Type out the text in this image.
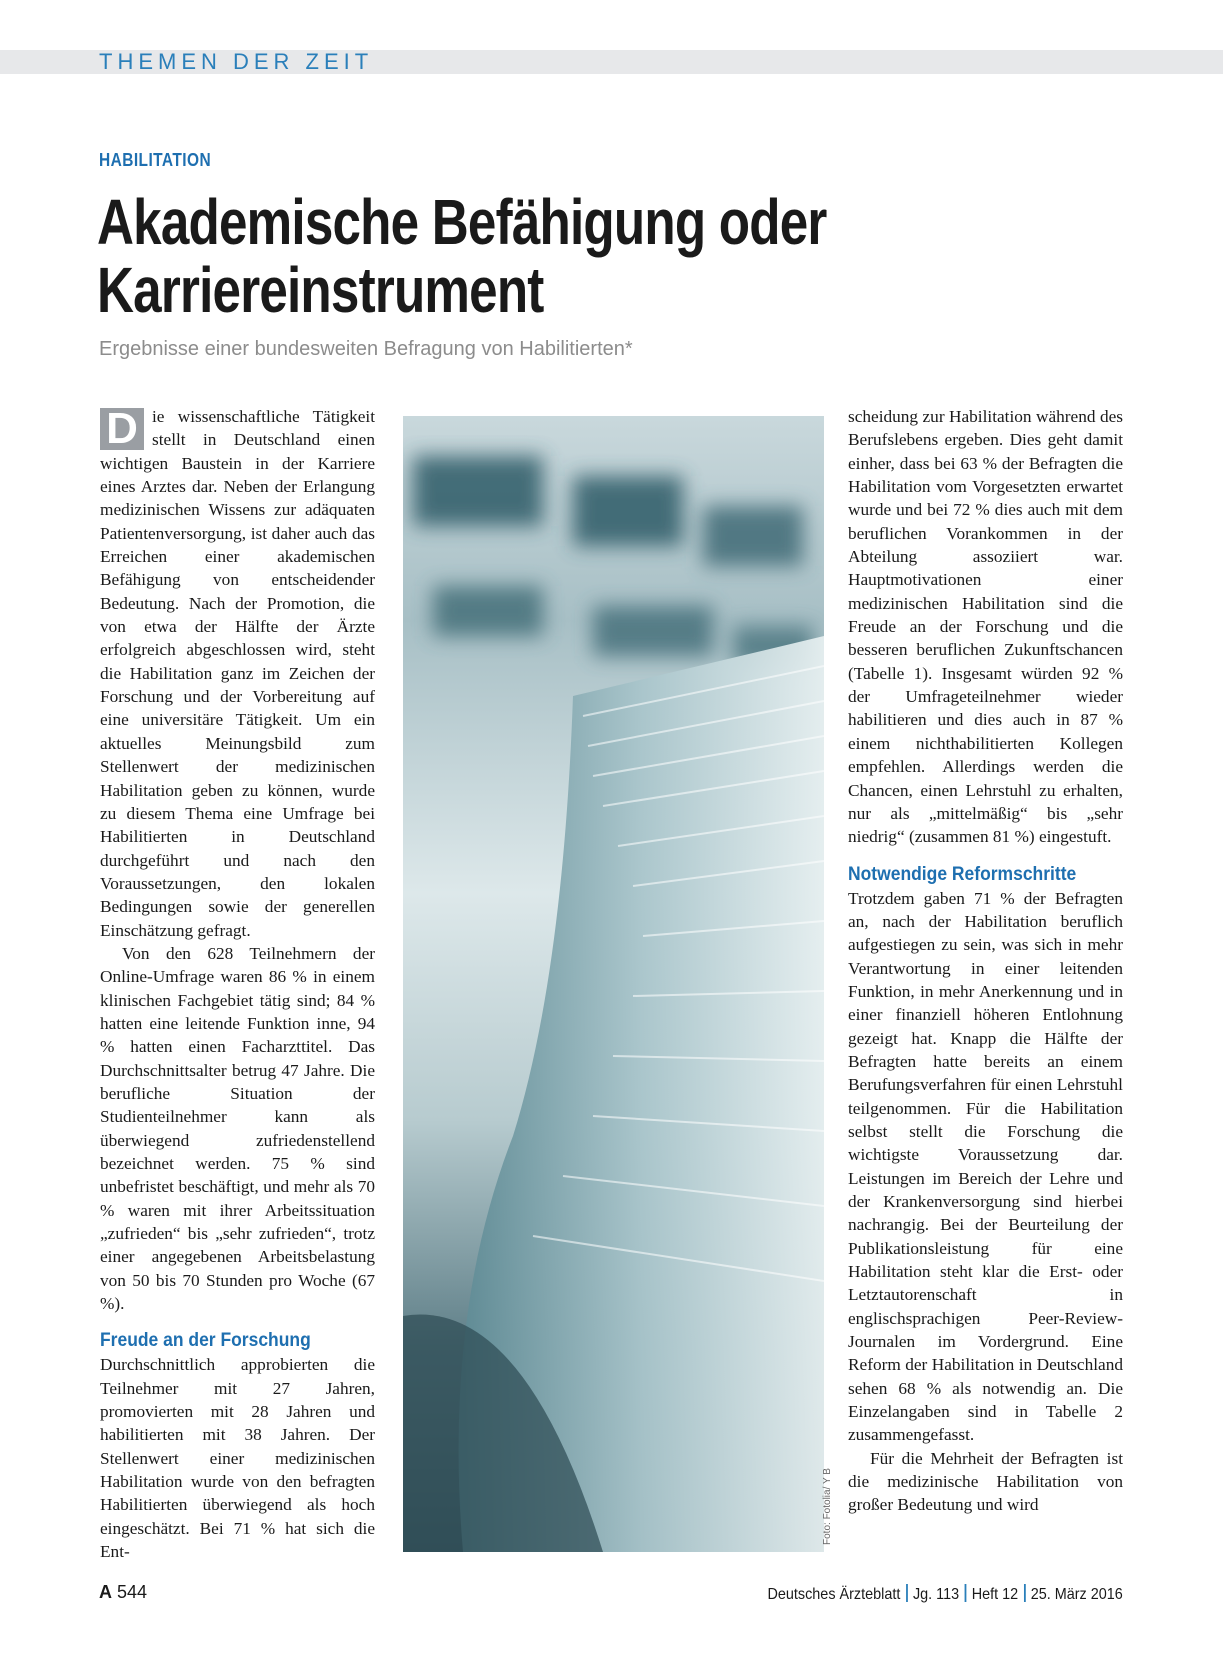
THEMEN DER ZEIT
HABILITATION
Akademische Befähigung oder
Karriereinstrument
Ergebnisse einer bundesweiten Befragung von Habilitierten*

D ie wissenschaftliche Tätigkeit stellt in Deutschland einen wichtigen Baustein in der Karriere eines Arztes dar. Neben der Erlangung medizinischen Wissens zur adäquaten Patientenversorgung, ist daher auch das Erreichen einer akademischen Befähigung von entscheidender Bedeutung. Nach der Promotion, die von etwa der Hälfte der Ärzte erfolgreich abgeschlossen wird, steht die Habilitation ganz im Zeichen der Forschung und der Vorbereitung auf eine universitäre Tätigkeit. Um ein aktuelles Meinungsbild zum Stellenwert der medizinischen Habilitation geben zu können, wurde zu diesem Thema eine Umfrage bei Habilitierten in Deutschland durchgeführt und nach den Voraussetzungen, den lokalen Bedingungen sowie der generellen Einschätzung gefragt.

Von den 628 Teilnehmern der Online-Umfrage waren 86 % in einem klinischen Fachgebiet tätig sind; 84 % hatten eine leitende Funktion inne, 94 % hatten einen Facharzttitel. Das Durchschnittsalter betrug 47 Jahre. Die berufliche Situation der Studienteilnehmer kann als überwiegend zufriedenstellend bezeichnet werden. 75 % sind unbefristet beschäftigt, und mehr als 70 % waren mit ihrer Arbeitssituation „zufrieden“ bis „sehr zufrieden“, trotz einer angegebenen Arbeitsbelastung von 50 bis 70 Stunden pro Woche (67 %).

Freude an der Forschung

Durchschnittlich approbierten die Teilnehmer mit 27 Jahren, promovierten mit 28 Jahren und habilitierten mit 38 Jahren. Der Stellenwert einer medizinischen Habilitation wurde von den befragten Habilitierten überwiegend als hoch eingeschätzt. Bei 71 % hat sich die Ent-

Foto: Fotolia/ Y B

scheidung zur Habilitation während des Berufslebens ergeben. Dies geht damit einher, dass bei 63 % der Befragten die Habilitation vom Vorgesetzten erwartet wurde und bei 72 % dies auch mit dem beruflichen Vorankommen in der Abteilung assoziiert war. Hauptmotivationen einer medizinischen Habilitation sind die Freude an der Forschung und die besseren beruflichen Zukunftschancen (Tabelle 1). Insgesamt würden 92 % der Umfrageteilnehmer wieder habilitieren und dies auch in 87 % einem nichthabilitierten Kollegen empfehlen. Allerdings werden die Chancen, einen Lehrstuhl zu erhalten, nur als „mittelmäßig“ bis „sehr niedrig“ (zusammen 81 %) eingestuft.

Notwendige Reformschritte

Trotzdem gaben 71 % der Befragten an, nach der Habilitation beruflich aufgestiegen zu sein, was sich in mehr Verantwortung in einer leitenden Funktion, in mehr Anerkennung und in einer finanziell höheren Entlohnung gezeigt hat. Knapp die Hälfte der Befragten hatte bereits an einem Berufungsverfahren für einen Lehrstuhl teilgenommen. Für die Habilitation selbst stellt die Forschung die wichtigste Voraussetzung dar. Leistungen im Bereich der Lehre und der Krankenversorgung sind hierbei nachrangig. Bei der Beurteilung der Publikationsleistung für eine Habilitation steht klar die Erst- oder Letztautorenschaft in englischsprachigen Peer-Review-Journalen im Vordergrund. Eine Reform der Habilitation in Deutschland sehen 68 % als notwendig an. Die Einzelangaben sind in Tabelle 2 zusammengefasst.

Für die Mehrheit der Befragten ist die medizinische Habilitation von großer Bedeutung und wird

A 544	Deutsches Ärzteblatt Jg. 113 Heft 12 25. März 2016
